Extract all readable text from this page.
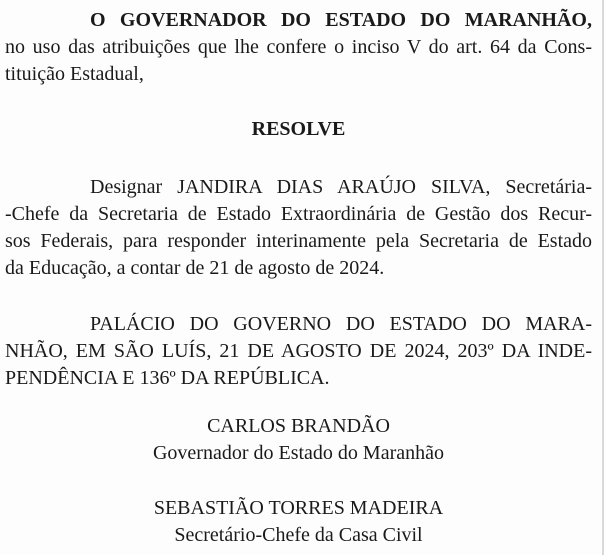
O GOVERNADOR DO ESTADO DO MARANHÃO,
no uso das atribuições que lhe confere o inciso V do art. 64 da Cons-
tituição Estadual,
RESOLVE
Designar JANDIRA DIAS ARAÚJO SILVA, Secretária-
-Chefe da Secretaria de Estado Extraordinária de Gestão dos Recur-
sos Federais, para responder interinamente pela Secretaria de Estado
da Educação, a contar de 21 de agosto de 2024.
PALÁCIO DO GOVERNO DO ESTADO DO MARA-
NHÃO, EM SÃO LUÍS, 21 DE AGOSTO DE 2024, 203º DA INDE-
PENDÊNCIA E 136º DA REPÚBLICA.
CARLOS BRANDÃO
Governador do Estado do Maranhão
SEBASTIÃO TORRES MADEIRA
Secretário-Chefe da Casa Civil
